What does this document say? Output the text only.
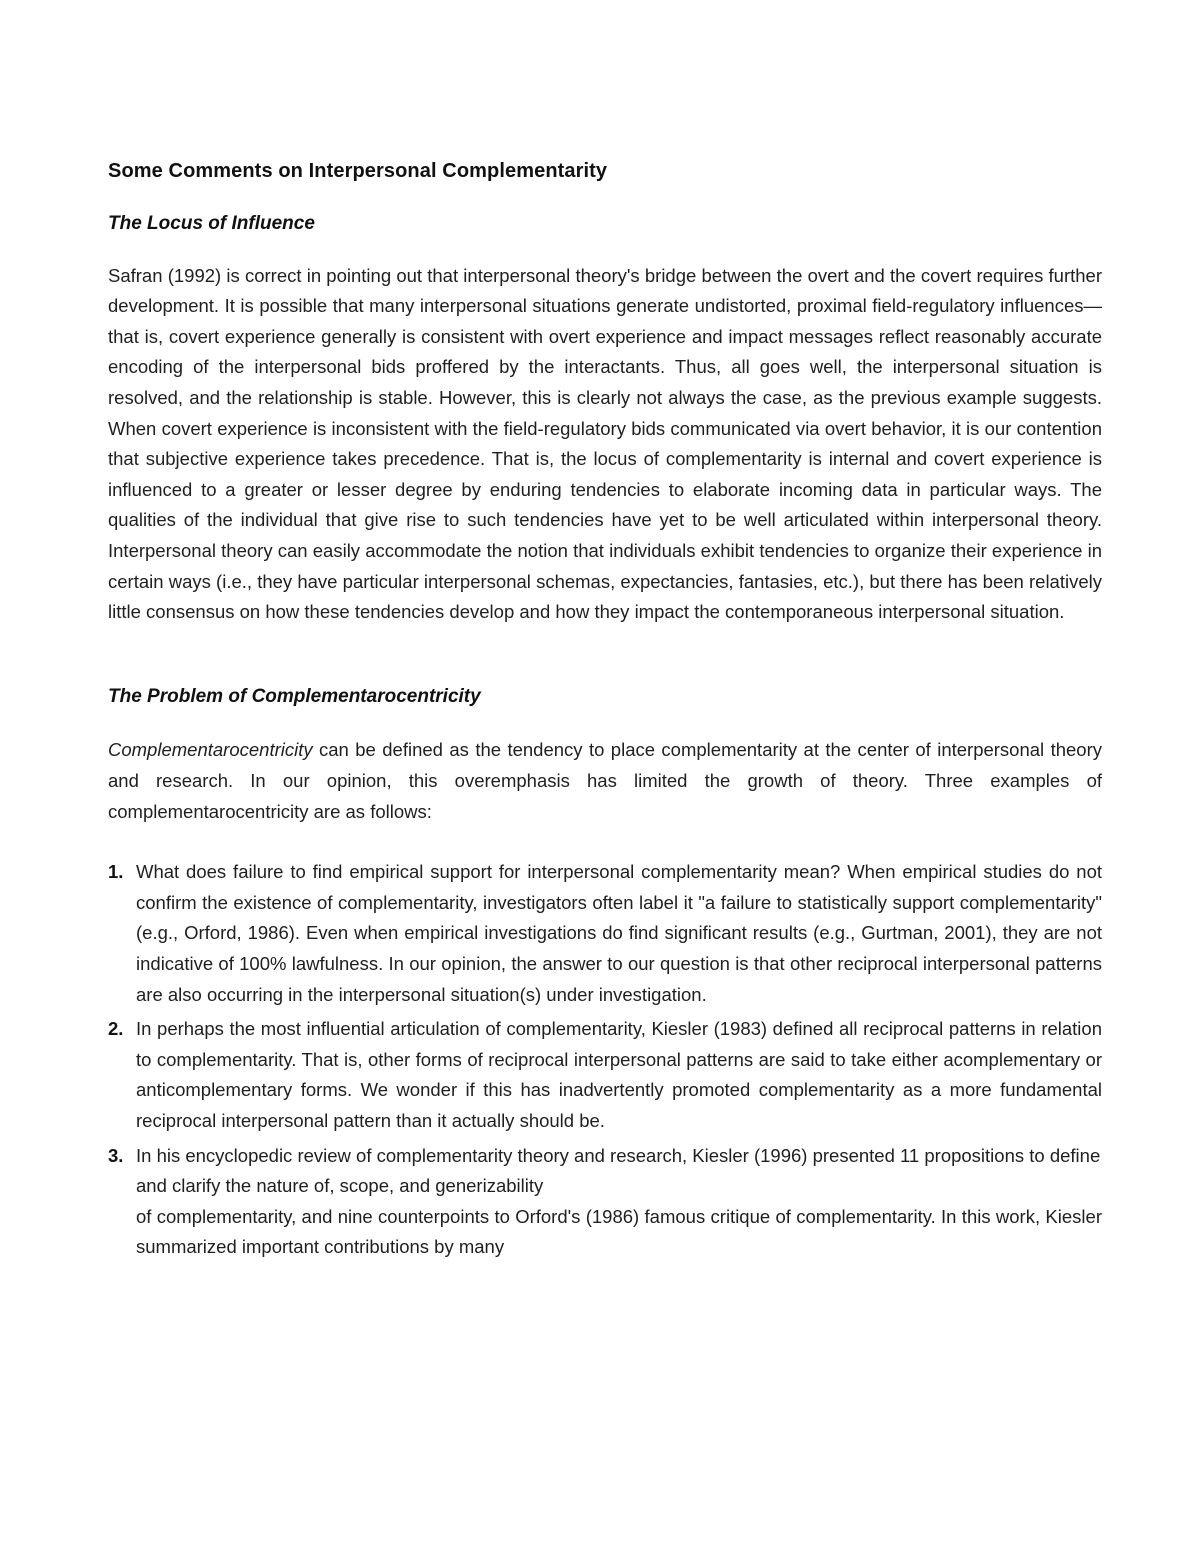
Some Comments on Interpersonal Complementarity
The Locus of Influence

Safran (1992) is correct in pointing out that interpersonal theory's bridge between the overt and the covert requires further development. It is possible that many interpersonal situations generate undistorted, proximal field-regulatory influences— that is, covert experience generally is consistent with overt experience and impact messages reflect reasonably accurate encoding of the interpersonal bids proffered by the interactants. Thus, all goes well, the interpersonal situation is resolved, and the relationship is stable. However, this is clearly not always the case, as the previous example suggests. When covert experience is inconsistent with the field-regulatory bids communicated via overt behavior, it is our contention that subjective experience takes precedence. That is, the locus of complementarity is internal and covert experience is influenced to a greater or lesser degree by enduring tendencies to elaborate incoming data in particular ways. The qualities of the individual that give rise to such tendencies have yet to be well articulated within interpersonal theory. Interpersonal theory can easily accommodate the notion that individuals exhibit tendencies to organize their experience in certain ways (i.e., they have particular interpersonal schemas, expectancies, fantasies, etc.), but there has been relatively little consensus on how these tendencies develop and how they impact the contemporaneous interpersonal situation.

The Problem of Complementarocentricity

Complementarocentricity can be defined as the tendency to place complementarity at the center of interpersonal theory and research. In our opinion, this overemphasis has limited the growth of theory. Three examples of complementarocentricity are as follows:

1. What does failure to find empirical support for interpersonal complementarity mean? When empirical studies do not confirm the existence of complementarity, investigators often label it "a failure to statistically support complementarity" (e.g., Orford, 1986). Even when empirical investigations do find significant results (e.g., Gurtman, 2001), they are not indicative of 100% lawfulness. In our opinion, the answer to our question is that other reciprocal interpersonal patterns are also occurring in the interpersonal situation(s) under investigation.
2. In perhaps the most influential articulation of complementarity, Kiesler (1983) defined all reciprocal patterns in relation to complementarity. That is, other forms of reciprocal interpersonal patterns are said to take either acomplementary or anticomplementary forms. We wonder if this has inadvertently promoted complementarity as a more fundamental reciprocal interpersonal pattern than it actually should be.
3. In his encyclopedic review of complementarity theory and research, Kiesler (1996) presented 11 propositions to define and clarify the nature of, scope, and generizability
of complementarity, and nine counterpoints to Orford's (1986) famous critique of complementarity. In this work, Kiesler summarized important contributions by many
